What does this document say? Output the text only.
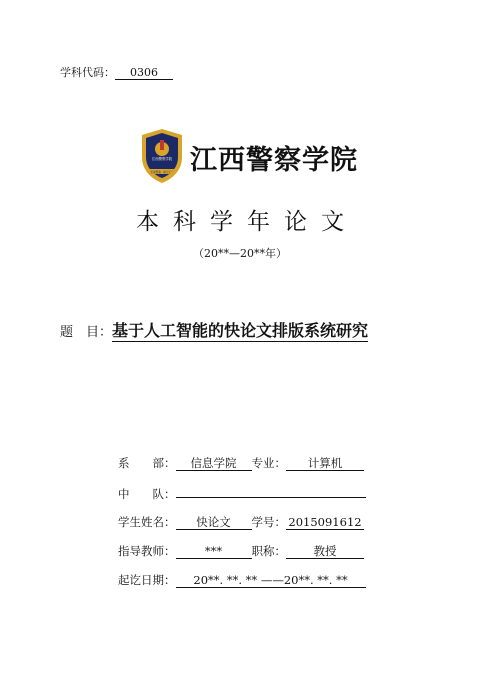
学科代码： 0306
江西警察学院
忠诚警魂 · 砺行正一 江西警察学院
本科学年论文
（20**—20**年）
题　目：基于人工智能的快论文排版系统研究
系　　部： 信息学院 专业： 计算机
中　　队：
学生姓名： 快论文 学号： 2015091612
指导教师：	***	职称： 教授
起讫日期： 20**. **. ** ——20**. **. **
